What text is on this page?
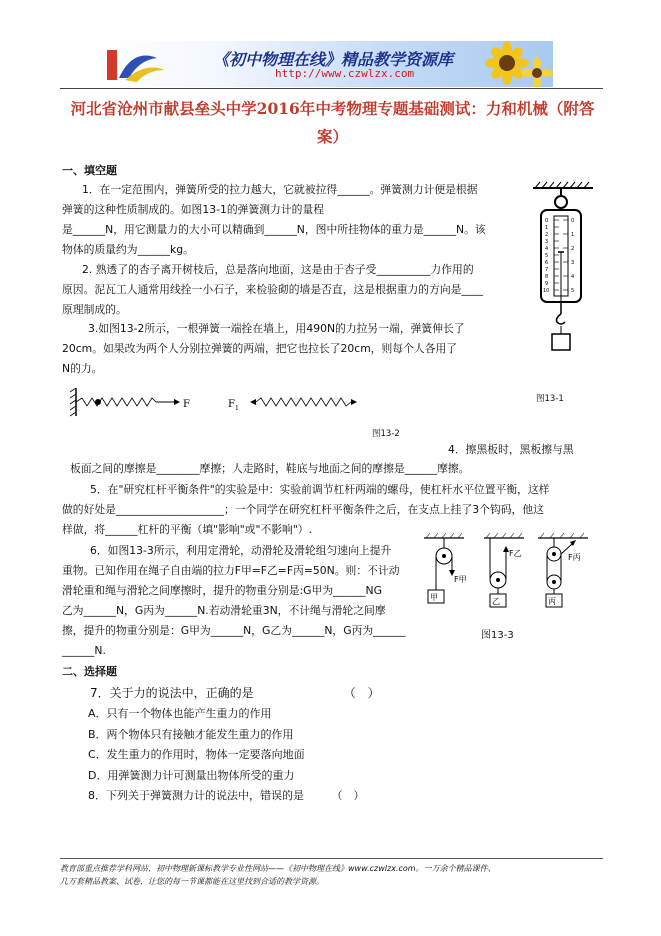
《初中物理在线》精品教学资源库
http://www.czwlzx.com
河北省沧州市献县垒头中学2016年中考物理专题基础测试：力和机械（附答
案）
一、填空题
1．在一定范围内，弹簧所受的拉力越大，它就被拉得______。弹簧测力计便是根据
弹簧的这种性质制成的。如图13-1的弹簧测力计的量程
是______N，用它测量力的大小可以精确到______N，图中所挂物体的重力是______N。该
物体的质量约为______kg。
2. 熟透了的杏子离开树枝后，总是落向地面，这是由于杏子受__________力作用的
原因。泥瓦工人通常用线拴一小石子，来检验砌的墙是否直，这是根据重力的方向是____
原理制成的。
3.如图13-2所示，一根弹簧一端拴在墙上，用490N的力拉另一端，弹簧伸长了
20cm。如果改为两个人分别拉弹簧的两端，把它也拉长了20cm，则每个人各用了
N的力。
0
1
2
3
4
5
6
7
8
9
10
0
1
2
3
4
5
图13-1
F	F 1
图13-2
4．擦黑板时，黑板擦与黑
板面之间的摩擦是________摩擦；人走路时，鞋底与地面之间的摩擦是______摩擦。
5．在"研究杠杆平衡条件"的实验是中：实验前调节杠杆两端的螺母，使杠杆水平位置平衡，这样
做的好处是____________________；一个同学在研究杠杆平衡条件之后，在支点上挂了3个钩码，他这
样做，将______杠杆的平衡（填"影响"或"不影响"）.
6．如图13-3所示，利用定滑轮，动滑轮及滑轮组匀速向上提升
重物。已知作用在绳子自由端的拉力F甲=F乙=F丙=50N。则：不计动
滑轮重和绳与滑轮之间摩擦时，提升的物重分别是:G甲为______NG
乙为______N，G丙为______N.若动滑轮重3N，不计绳与滑轮之间摩
擦，提升的物重分别是：G甲为______N，G乙为______N，G丙为______
______N.
F甲
甲
F乙
乙
F丙
丙
图13-3
二、选择题
7．关于力的说法中，正确的是　　　　　　　　（　）
A．只有一个物体也能产生重力的作用
B．两个物体只有接触才能发生重力的作用
C．发生重力的作用时，物体一定要落向地面
D．用弹簧测力计可测量出物体所受的重力
8．下列关于弹簧测力计的说法中，错误的是　　　（　）
教育部重点推荐学科网站、初中物理新课标教学专业性网站——《初中物理在线》www.czwlzx.com。一万余个精品课件、
几万套精品教案、试卷，让您的每一节课都能在这里找到合适的教学资源。
